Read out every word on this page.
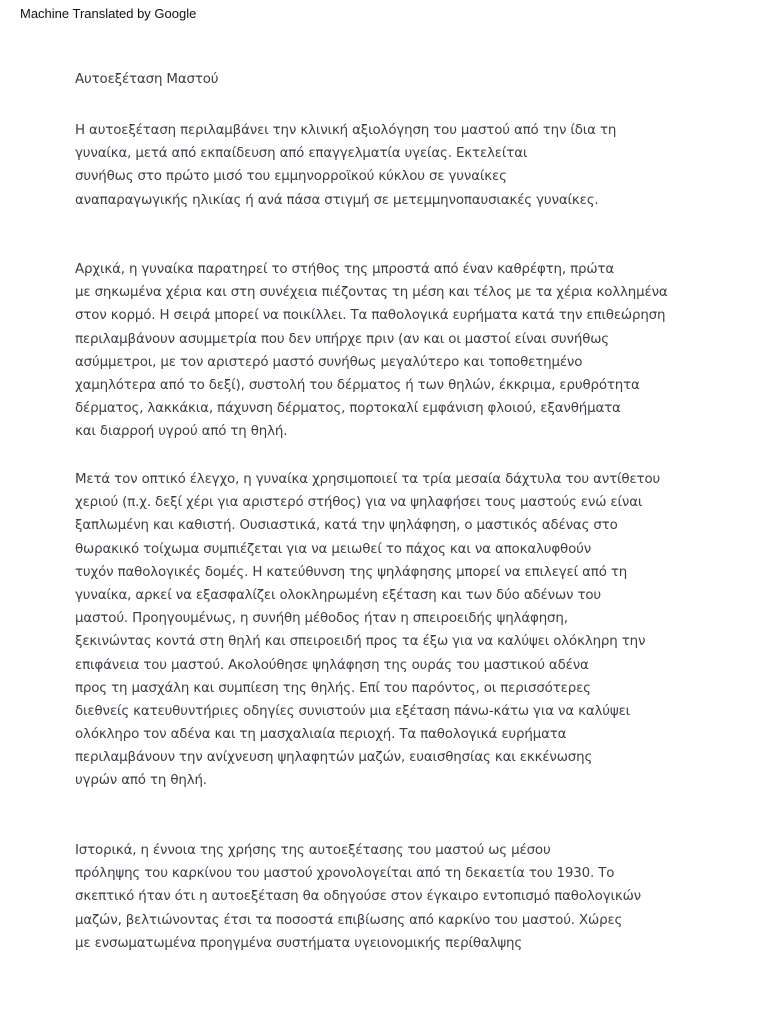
Machine Translated by Google
Αυτοεξέταση Μαστού
Η αυτοεξέταση περιλαμβάνει την κλινική αξιολόγηση του μαστού από την ίδια τη
γυναίκα, μετά από εκπαίδευση από επαγγελματία υγείας. Εκτελείται
συνήθως στο πρώτο μισό του εμμηνορροϊκού κύκλου σε γυναίκες
αναπαραγωγικής ηλικίας ή ανά πάσα στιγμή σε μετεμμηνοπαυσιακές γυναίκες.
Αρχικά, η γυναίκα παρατηρεί το στήθος της μπροστά από έναν καθρέφτη, πρώτα
με σηκωμένα χέρια και στη συνέχεια πιέζοντας τη μέση και τέλος με τα χέρια κολλημένα
στον κορμό. Η σειρά μπορεί να ποικίλλει. Τα παθολογικά ευρήματα κατά την επιθεώρηση
περιλαμβάνουν ασυμμετρία που δεν υπήρχε πριν (αν και οι μαστοί είναι συνήθως
ασύμμετροι, με τον αριστερό μαστό συνήθως μεγαλύτερο και τοποθετημένο
χαμηλότερα από το δεξί), συστολή του δέρματος ή των θηλών, έκκριμα, ερυθρότητα
δέρματος, λακκάκια, πάχυνση δέρματος, πορτοκαλί εμφάνιση φλοιού, εξανθήματα
και διαρροή υγρού από τη θηλή.
Μετά τον οπτικό έλεγχο, η γυναίκα χρησιμοποιεί τα τρία μεσαία δάχτυλα του αντίθετου
χεριού (π.χ. δεξί χέρι για αριστερό στήθος) για να ψηλαφήσει τους μαστούς ενώ είναι
ξαπλωμένη και καθιστή. Ουσιαστικά, κατά την ψηλάφηση, ο μαστικός αδένας στο
θωρακικό τοίχωμα συμπιέζεται για να μειωθεί το πάχος και να αποκαλυφθούν
τυχόν παθολογικές δομές. Η κατεύθυνση της ψηλάφησης μπορεί να επιλεγεί από τη
γυναίκα, αρκεί να εξασφαλίζει ολοκληρωμένη εξέταση και των δύο αδένων του
μαστού. Προηγουμένως, η συνήθη μέθοδος ήταν η σπειροειδής ψηλάφηση,
ξεκινώντας κοντά στη θηλή και σπειροειδή προς τα έξω για να καλύψει ολόκληρη την
επιφάνεια του μαστού. Ακολούθησε ψηλάφηση της ουράς του μαστικού αδένα
προς τη μασχάλη και συμπίεση της θηλής. Επί του παρόντος, οι περισσότερες
διεθνείς κατευθυντήριες οδηγίες συνιστούν μια εξέταση πάνω-κάτω για να καλύψει
ολόκληρο τον αδένα και τη μασχαλιαία περιοχή. Τα παθολογικά ευρήματα
περιλαμβάνουν την ανίχνευση ψηλαφητών μαζών, ευαισθησίας και εκκένωσης
υγρών από τη θηλή.
Ιστορικά, η έννοια της χρήσης της αυτοεξέτασης του μαστού ως μέσου
πρόληψης του καρκίνου του μαστού χρονολογείται από τη δεκαετία του 1930. Το
σκεπτικό ήταν ότι η αυτοεξέταση θα οδηγούσε στον έγκαιρο εντοπισμό παθολογικών
μαζών, βελτιώνοντας έτσι τα ποσοστά επιβίωσης από καρκίνο του μαστού. Χώρες
με ενσωματωμένα προηγμένα συστήματα υγειονομικής περίθαλψης
